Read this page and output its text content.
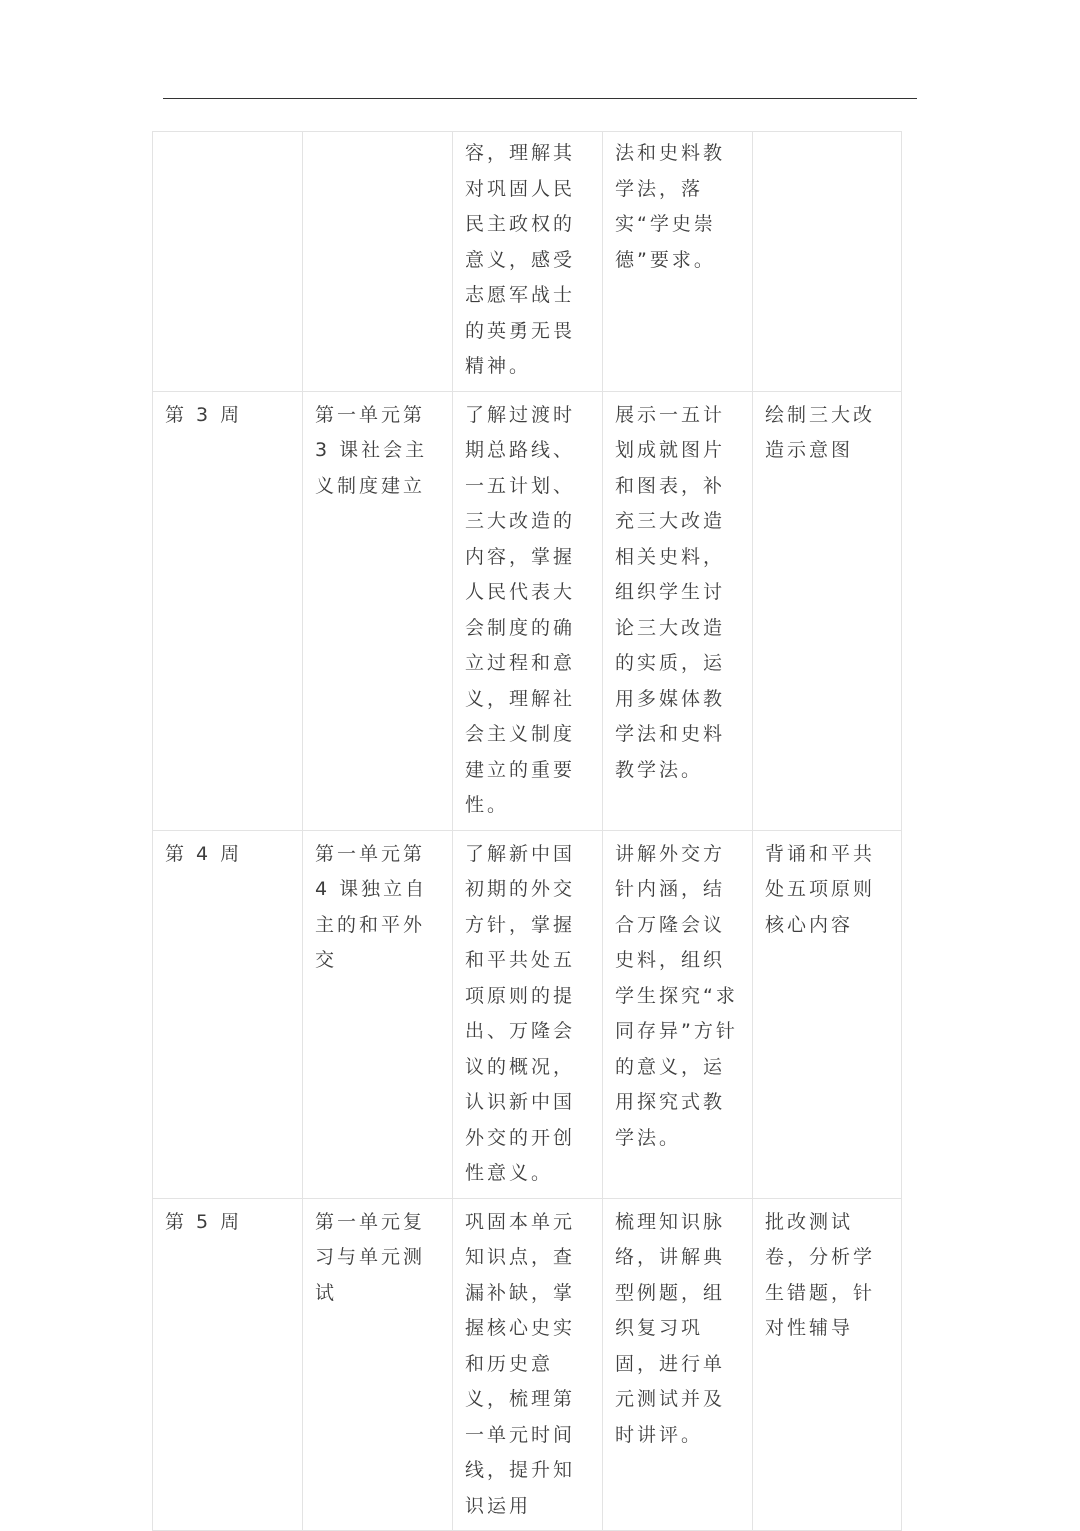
		容，理解其对巩固人民民主政权的意义，感受志愿军战士的英勇无畏精神。	法和史料教学法，落实“学史崇德”要求。	
第 3 周	第一单元第 3 课社会主义制度建立	了解过渡时期总路线、一五计划、三大改造的内容，掌握人民代表大会制度的确立过程和意义，理解社会主义制度建立的重要性。	展示一五计划成就图片和图表，补充三大改造相关史料，组织学生讨论三大改造的实质，运用多媒体教学法和史料教学法。	绘制三大改造示意图
第 4 周	第一单元第 4 课独立自主的和平外交	了解新中国初期的外交方针，掌握和平共处五项原则的提出、万隆会议的概况，认识新中国外交的开创性意义。	讲解外交方针内涵，结合万隆会议史料，组织学生探究“求同存异”方针的意义，运用探究式教学法。	背诵和平共处五项原则核心内容
第 5 周	第一单元复习与单元测试	巩固本单元知识点，查漏补缺，掌握核心史实和历史意义，梳理第一单元时间线，提升知识运用	梳理知识脉络，讲解典型例题，组织复习巩固，进行单元测试并及时讲评。	批改测试卷，分析学生错题，针对性辅导
